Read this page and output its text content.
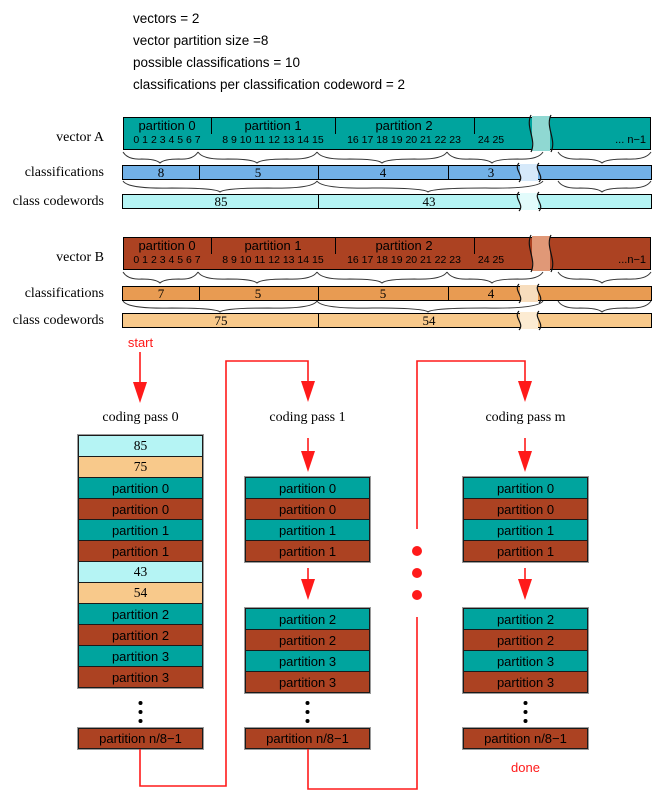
vectors = 2
vector partition size =8
possible classifications = 10
classifications per classification codeword = 2
vector A
partition 0	partition 1	partition 2
0 1 2 3 4 5 6 7 8 9 10 11 12 13 14 15 16 17 18 19 20 21 22 23 24 25	... n−1
classifications	8	5	4	3
class codewords	85	43
vector B
partition 0	partition 1	partition 2
0 1 2 3 4 5 6 7 8 9 10 11 12 13 14 15 16 17 18 19 20 21 22 23 24 25	...n−1
classifications	7	5	5	4
class codewords	75	54
start
done
coding pass 0	coding pass 1	coding pass m
85
75
partition 0
partition 0
partition 1
partition 1
43
54
partition 2
partition 2
partition 3
partition 3
partition n/8−1
partition 0
partition 0
partition 1
partition 1
partition 2
partition 2
partition 3
partition 3
partition n/8−1
partition 0
partition 0
partition 1
partition 1
partition 2
partition 2
partition 3
partition 3
partition n/8−1
